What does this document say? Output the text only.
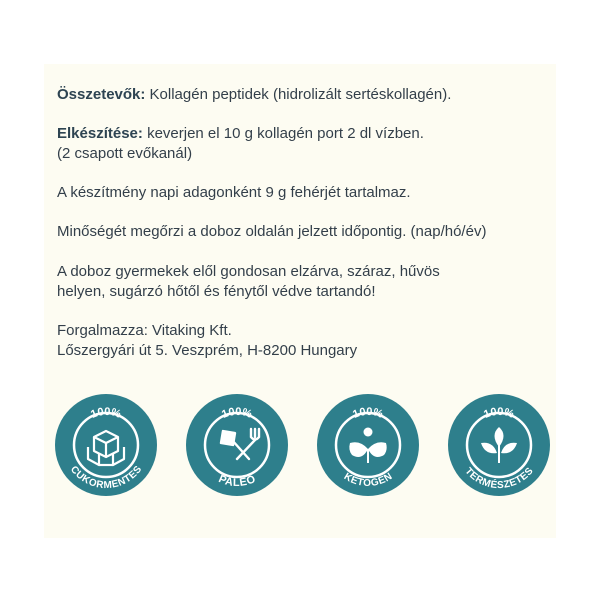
Összetevők: Kollagén peptidek (hidrolizált sertéskollagén).
Elkészítése: keverjen el 10 g kollagén port 2 dl vízben.
(2 csapott evőkanál)
A készítmény napi adagonként 9 g fehérjét tartalmaz.
Minőségét megőrzi a doboz oldalán jelzett időpontig. (nap/hó/év)
A doboz gyermekek elől gondosan elzárva, száraz, hűvös
helyen, sugárzó hőtől és fénytől védve tartandó!
Forgalmazza: Vitaking Kft.
Lőszergyári út 5. Veszprém, H-8200 Hungary
100%
CUKORMENTES
100%
PALEO
100%
KETOGÉN
100%
TERMÉSZETES
